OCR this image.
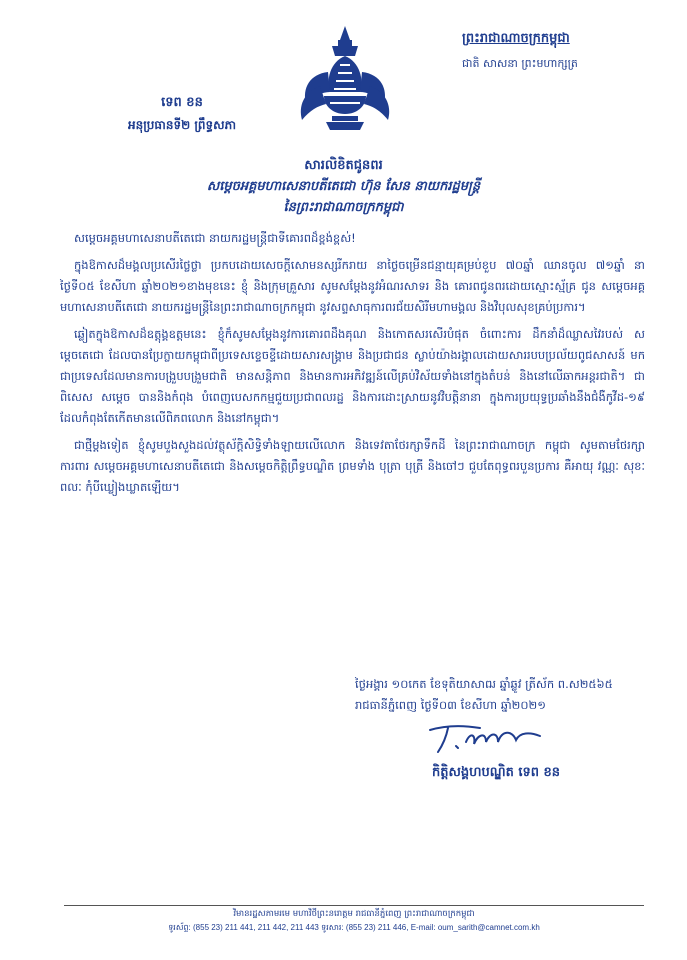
ព្រះរាជាណាចក្រកម្ពុជា
ជាតិ សាសនា ព្រះមហាក្សត្រ
ទេព ខន
អនុប្រធានទី២ ព្រឹទ្ធសភា
សារលិខិតជូនពរ
សម្តេចអគ្គមហាសេនាបតីតេជោ ហ៊ុន សែន នាយករដ្ឋមន្ត្រី
នៃព្រះរាជាណាចក្រកម្ពុជា

សម្តេចអគ្គមហាសេនាបតីតេជោ នាយករដ្ឋមន្ត្រីជាទីគោរពដ៏ខ្ពង់ខ្ពស់!

ក្នុងឱកាសដ៏មង្គលប្រសើរថ្លៃថ្លា ប្រកបដោយសេចក្តីសោមនស្សរីករាយ នាថ្ងៃចម្រើនជន្មាយុគម្រប់ខួប ៧០ឆ្នាំ ឈានចូល ៧១ឆ្នាំ នាថ្ងៃទី០៥ ខែសីហា ឆ្នាំ២០២១ខាងមុខនេះ ខ្ញុំ និងក្រុមគ្រួសារ សូមសម្តែងនូវអំណរសាទរ និង គោរពជូនពរដោយស្មោះស្ម័គ្រ ជូន សម្តេចអគ្គមហាសេនាបតីតេជោ នាយករដ្ឋមន្ត្រីនៃព្រះរាជាណាចក្រកម្ពុជា នូវសព្ទសាធុការពរជ័យសិរីមហាមង្គល និងវិបុលសុខគ្រប់ប្រការ។

ឆ្លៀតក្នុងឱកាសដ៏ឧត្តុង្គឧត្តមនេះ ខ្ញុំក៏សូមសម្តែងនូវការគោរពដឹងគុណ និងកោតសរសើរបំផុត ចំពោះការ ដឹកនាំដ៏ឈ្លាសវៃរបស់ សម្តេចតេជោ ដែលបានប្រែក្លាយកម្ពុជាពីប្រទេសខ្ទេចខ្ទីដោយសារសង្គ្រាម និងប្រជាជន ស្លាប់យ៉ាងរង្គាលដោយសាររបបប្រល័យពូជសាសន៍ មកជាប្រទេសដែលមានការបង្រួបបង្រួមជាតិ មានសន្តិភាព និងមានការអភិវឌ្ឍន៍លើគ្រប់វិស័យទាំងនៅក្នុងតំបន់ និងនៅលើឆាកអន្តរជាតិ។ ជាពិសេស សម្តេច បាននិងកំពុង បំពេញបេសកកម្មជួយប្រជាពលរដ្ឋ និងការដោះស្រាយនូវវិបត្តិនានា ក្នុងការប្រយុទ្ធប្រឆាំងនឹងជំងឺកូវីដ-១៩ ដែលកំពុងតែកើតមានលើពិភពលោក និងនៅកម្ពុជា។

ជាថ្មីម្តងទៀត ខ្ញុំសូមបួងសួងដល់វត្ថុស័ក្តិសិទ្ធិទាំងឡាយលើលោក និងទេវតាថែរក្សាទឹកដី នៃព្រះរាជាណាចក្រ កម្ពុជា សូមតាមថែរក្សាការពារ សម្តេចអគ្គមហាសេនាបតីតេជោ និងសម្តេចកិត្តិព្រឹទ្ធបណ្ឌិត ព្រមទាំង បុត្រា បុត្រី និងចៅៗ ជួបតែពុទ្ធពរបួនប្រការ គឺអាយុ វណ្ណៈ សុខៈ ពលៈ កុំបីឃ្លៀងឃ្លាតឡើយ។

ថ្ងៃអង្គារ ១០កេត ខែទុតិយាសាឍ ឆ្នាំឆ្លូវ ត្រីស័ក ព.ស២៥៦៥
រាជធានីភ្នំពេញ ថ្ងៃទី០៣ ខែសីហា ឆ្នាំ២០២១
កិត្តិសង្គហបណ្ឌិត ទេព ខន
វិមានរដ្ឋសភាមរមេ មហាវិថីព្រះនរោត្តម រាជធានីភ្នំពេញ ព្រះរាជាណាចក្រកម្ពុជា
ទូរស័ព្ទ: (855 23) 211 441, 211 442, 211 443 ទូរសារ: (855 23) 211 446, E-mail: oum_sarith@camnet.com.kh
